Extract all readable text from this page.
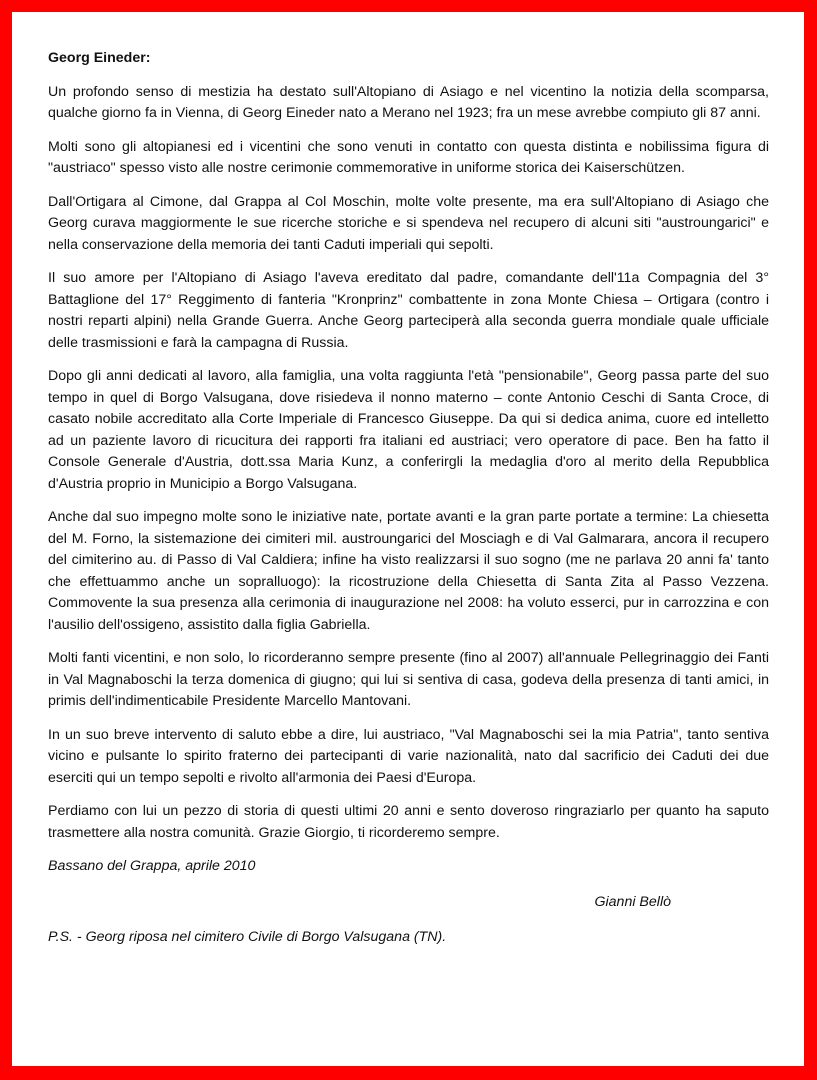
Georg Eineder:

Un profondo senso di mestizia ha destato sull'Altopiano di Asiago e nel vicentino la notizia della scomparsa, qualche giorno fa in Vienna, di Georg Eineder nato a Merano nel 1923; fra un mese avrebbe compiuto gli 87 anni.

Molti sono gli altopianesi ed i vicentini che sono venuti in contatto con questa distinta e nobilissima figura di "austriaco" spesso visto alle nostre cerimonie commemorative in uniforme storica dei Kaiserschützen.

Dall'Ortigara al Cimone, dal Grappa al Col Moschin, molte volte presente, ma era sull'Altopiano di Asiago che Georg curava maggiormente le sue ricerche storiche e si spendeva nel recupero di alcuni siti "austroungarici" e nella conservazione della memoria dei tanti Caduti imperiali qui sepolti.

Il suo amore per l'Altopiano di Asiago l'aveva ereditato dal padre, comandante dell'11a Compagnia del 3° Battaglione del 17° Reggimento di fanteria "Kronprinz" combattente in zona Monte Chiesa – Ortigara (contro i nostri reparti alpini) nella Grande Guerra. Anche Georg parteciperà alla seconda guerra mondiale quale ufficiale delle trasmissioni e farà la campagna di Russia.

Dopo gli anni dedicati al lavoro, alla famiglia, una volta raggiunta l'età "pensionabile", Georg passa parte del suo tempo in quel di Borgo Valsugana, dove risiedeva il nonno materno – conte Antonio Ceschi di Santa Croce, di casato nobile accreditato alla Corte Imperiale di Francesco Giuseppe. Da qui si dedica anima, cuore ed intelletto ad un paziente lavoro di ricucitura dei rapporti fra italiani ed austriaci; vero operatore di pace. Ben ha fatto il Console Generale d'Austria, dott.ssa Maria Kunz, a conferirgli la medaglia d'oro al merito della Repubblica d'Austria proprio in Municipio a Borgo Valsugana.

Anche dal suo impegno molte sono le iniziative nate, portate avanti e la gran parte portate a termine: La chiesetta del M. Forno, la sistemazione dei cimiteri mil. austroungarici del Mosciagh e di Val Galmarara, ancora il recupero del cimiterino au. di Passo di Val Caldiera; infine ha visto realizzarsi il suo sogno (me ne parlava 20 anni fa' tanto che effettuammo anche un sopralluogo): la ricostruzione della Chiesetta di Santa Zita al Passo Vezzena. Commovente la sua presenza alla cerimonia di inaugurazione nel 2008: ha voluto esserci, pur in carrozzina e con l'ausilio dell'ossigeno, assistito dalla figlia Gabriella.

Molti fanti vicentini, e non solo, lo ricorderanno sempre presente (fino al 2007) all'annuale Pellegrinaggio dei Fanti in Val Magnaboschi la terza domenica di giugno; qui lui si sentiva di casa, godeva della presenza di tanti amici, in primis dell'indimenticabile Presidente Marcello Mantovani.

In un suo breve intervento di saluto ebbe a dire, lui austriaco, "Val Magnaboschi sei la mia Patria", tanto sentiva vicino e pulsante lo spirito fraterno dei partecipanti di varie nazionalità, nato dal sacrificio dei Caduti dei due eserciti qui un tempo sepolti e rivolto all'armonia dei Paesi d'Europa.

Perdiamo con lui un pezzo di storia di questi ultimi 20 anni e sento doveroso ringraziarlo per quanto ha saputo trasmettere alla nostra comunità. Grazie Giorgio, ti ricorderemo sempre.

Bassano del Grappa, aprile 2010

Gianni Bellò

P.S. - Georg riposa nel cimitero Civile di Borgo Valsugana (TN).
